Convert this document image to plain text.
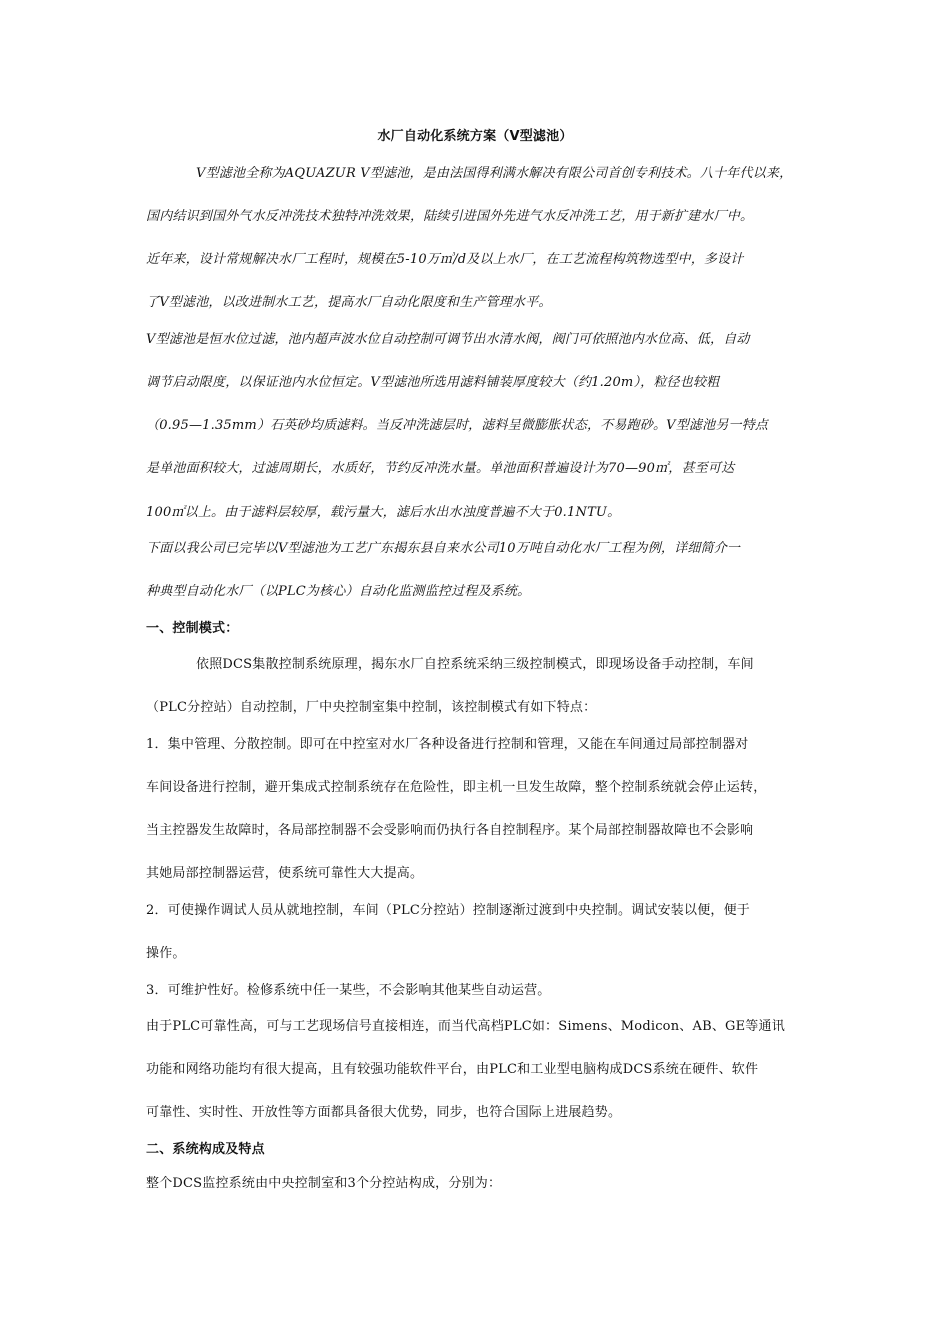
水厂自动化系统方案（V型滤池）
V型滤池全称为AQUAZUR V型滤池，是由法国得利满水解决有限公司首创专利技术。八十年代以来，
国内结识到国外气水反冲洗技术独特冲洗效果，陆续引进国外先进气水反冲洗工艺，用于新扩建水厂中。
近年来，设计常规解决水厂工程时，规模在5-10万㎥/d及以上水厂，在工艺流程构筑物选型中，多设计
了V型滤池，以改进制水工艺，提高水厂自动化限度和生产管理水平。
V型滤池是恒水位过滤，池内超声波水位自动控制可调节出水清水阀，阀门可依照池内水位高、低，自动
调节启动限度，以保证池内水位恒定。V型滤池所选用滤料铺装厚度较大（约1.20m），粒径也较粗
（0.95—1.35mm）石英砂均质滤料。当反冲洗滤层时，滤料呈微膨胀状态，不易跑砂。V型滤池另一特点
是单池面积较大，过滤周期长，水质好，节约反冲洗水量。单池面积普遍设计为70—90㎡，甚至可达
100㎡以上。由于滤料层较厚，载污量大，滤后水出水浊度普遍不大于0.1NTU。
下面以我公司已完毕以V型滤池为工艺广东揭东县自来水公司10万吨自动化水厂工程为例，详细简介一
种典型自动化水厂（以PLC为核心）自动化监测监控过程及系统。
一、控制模式：
依照DCS集散控制系统原理，揭东水厂自控系统采纳三级控制模式，即现场设备手动控制，车间
（PLC分控站）自动控制，厂中央控制室集中控制，该控制模式有如下特点：
1．集中管理、分散控制。即可在中控室对水厂各种设备进行控制和管理，又能在车间通过局部控制器对
车间设备进行控制，避开集成式控制系统存在危险性，即主机一旦发生故障，整个控制系统就会停止运转，
当主控器发生故障时，各局部控制器不会受影响而仍执行各自控制程序。某个局部控制器故障也不会影响
其她局部控制器运营，使系统可靠性大大提高。
2．可使操作调试人员从就地控制，车间（PLC分控站）控制逐渐过渡到中央控制。调试安装以便，便于
操作。
3．可维护性好。检修系统中任一某些，不会影响其他某些自动运营。
由于PLC可靠性高，可与工艺现场信号直接相连，而当代高档PLC如：Simens、Modicon、AB、GE等通讯
功能和网络功能均有很大提高，且有较强功能软件平台，由PLC和工业型电脑构成DCS系统在硬件、软件
可靠性、实时性、开放性等方面都具备很大优势，同步，也符合国际上进展趋势。
二、系统构成及特点
整个DCS监控系统由中央控制室和3个分控站构成，分别为：
